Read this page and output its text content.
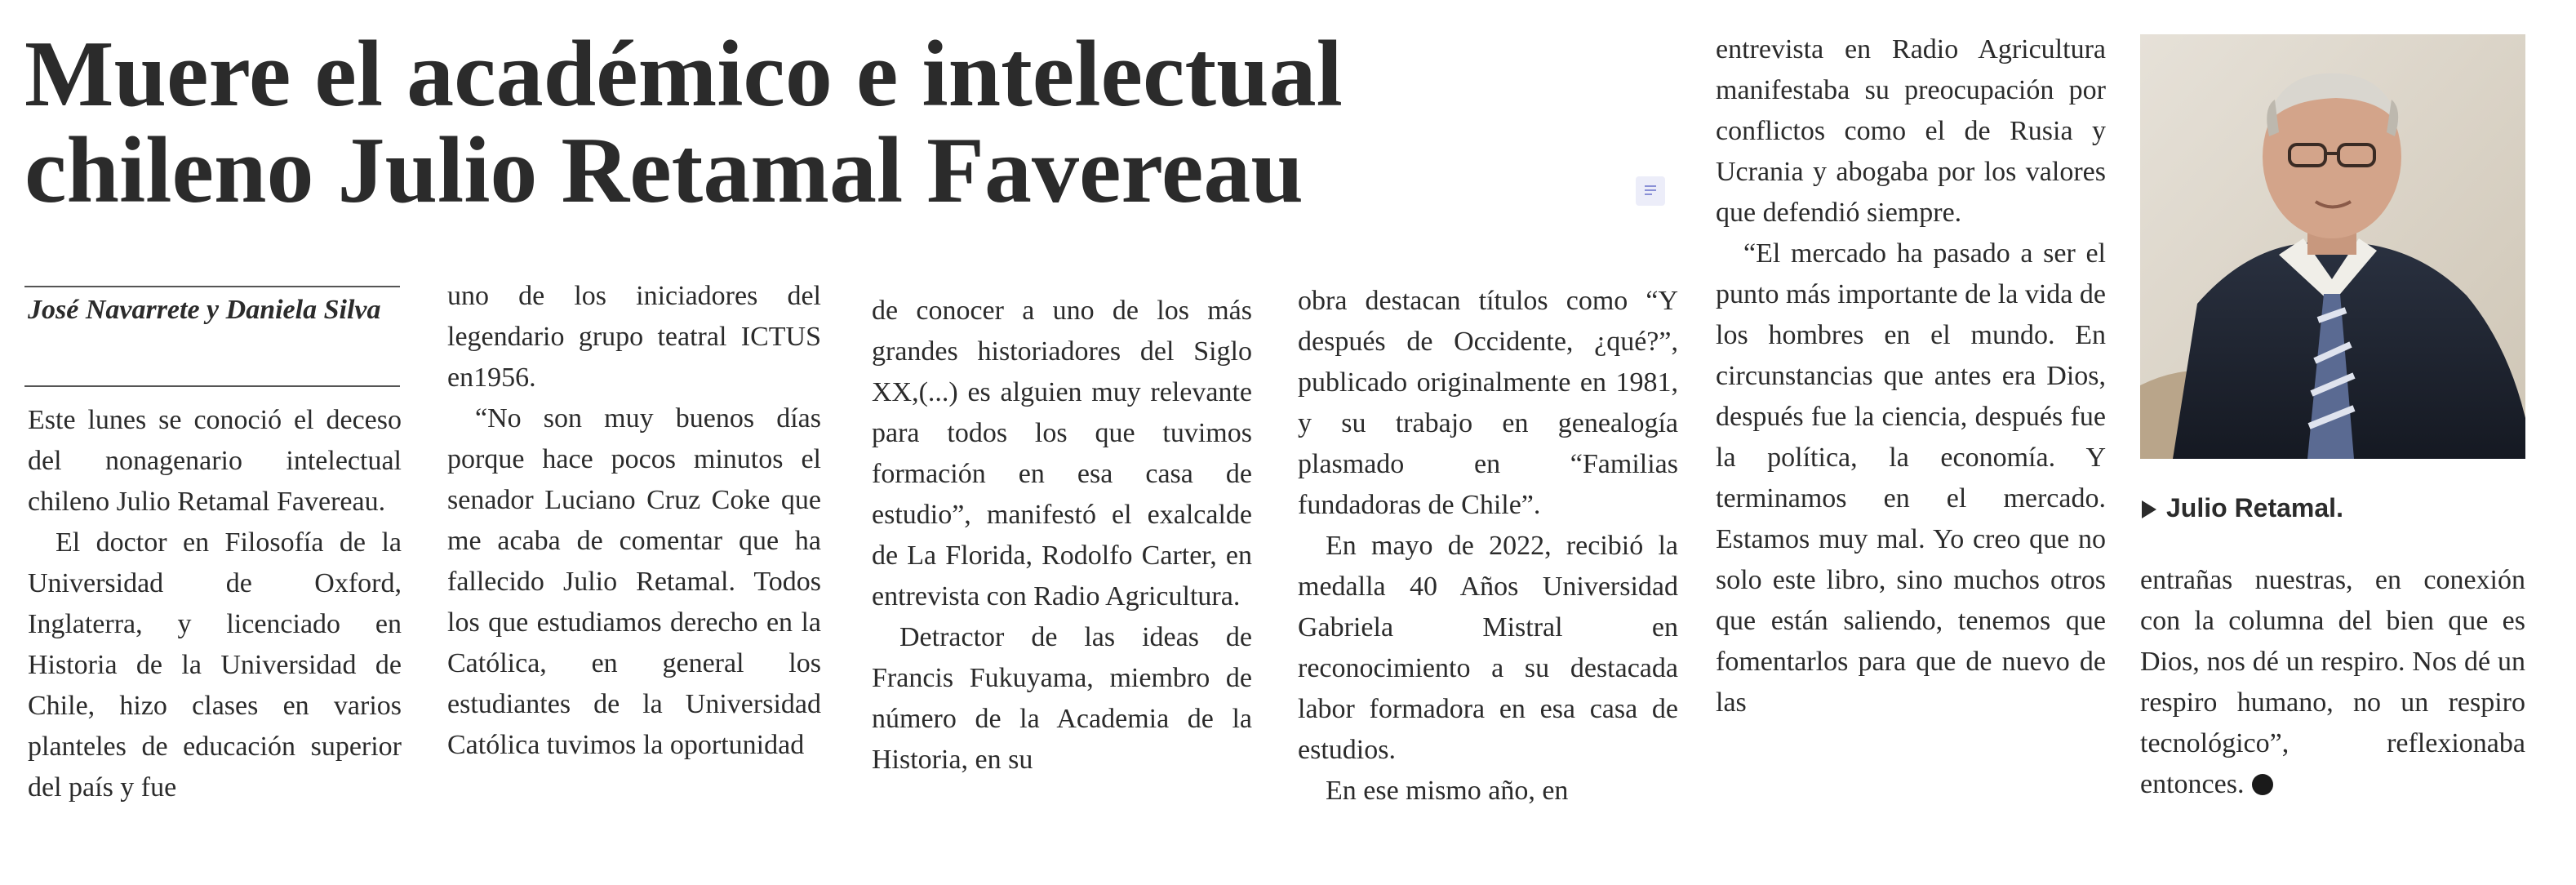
Muere el académico e intelectual
chileno Julio Retamal Favereau
José Navarrete y Daniela Silva

Este lunes se conoció el deceso del nonagenario intelectual chileno Julio Retamal Favereau.

El doctor en Filosofía de la Universidad de Oxford, Inglaterra, y licenciado en Historia de la Universidad de Chile, hizo clases en varios planteles de educación superior del país y fue

uno de los iniciadores del legendario grupo teatral ICTUS en1956.

“No son muy buenos días porque hace pocos minutos el senador Luciano Cruz Coke que me acaba de comentar que ha fallecido Julio Retamal. Todos los que estudiamos derecho en la Católica, en general los estudiantes de la Universidad Católica tuvimos la oportunidad

de conocer a uno de los más grandes historiadores del Siglo XX,(...) es alguien muy relevante para todos los que tuvimos formación en esa casa de estudio”, manifestó el exalcalde de La Florida, Rodolfo Carter, en entrevista con Radio Agricultura.

Detractor de las ideas de Francis Fukuyama, miembro de número de la Academia de la Historia, en su

obra destacan títulos como “Y después de Occidente, ¿qué?”, publicado originalmente en 1981, y su trabajo en genealogía plasmado en “Familias fundadoras de Chile”.

En mayo de 2022, recibió la medalla 40 Años Universidad Gabriela Mistral en reconocimiento a su destacada labor formadora en esa casa de estudios.

En ese mismo año, en

entrevista en Radio Agricultura manifestaba su preocupación por conflictos como el de Rusia y Ucrania y abogaba por los valores que defendió siempre.

“El mercado ha pasado a ser el punto más importante de la vida de los hombres en el mundo. En circunstancias que antes era Dios, después fue la ciencia, después fue la política, la economía. Y terminamos en el mercado. Estamos muy mal. Yo creo que no solo este libro, sino muchos otros que están saliendo, tenemos que fomentarlos para que de nuevo de las

Julio Retamal.

entrañas nuestras, en conexión con la columna del bien que es Dios, nos dé un respiro. Nos dé un respiro humano, no un respiro tecnológico”, reflexionaba entonces.
